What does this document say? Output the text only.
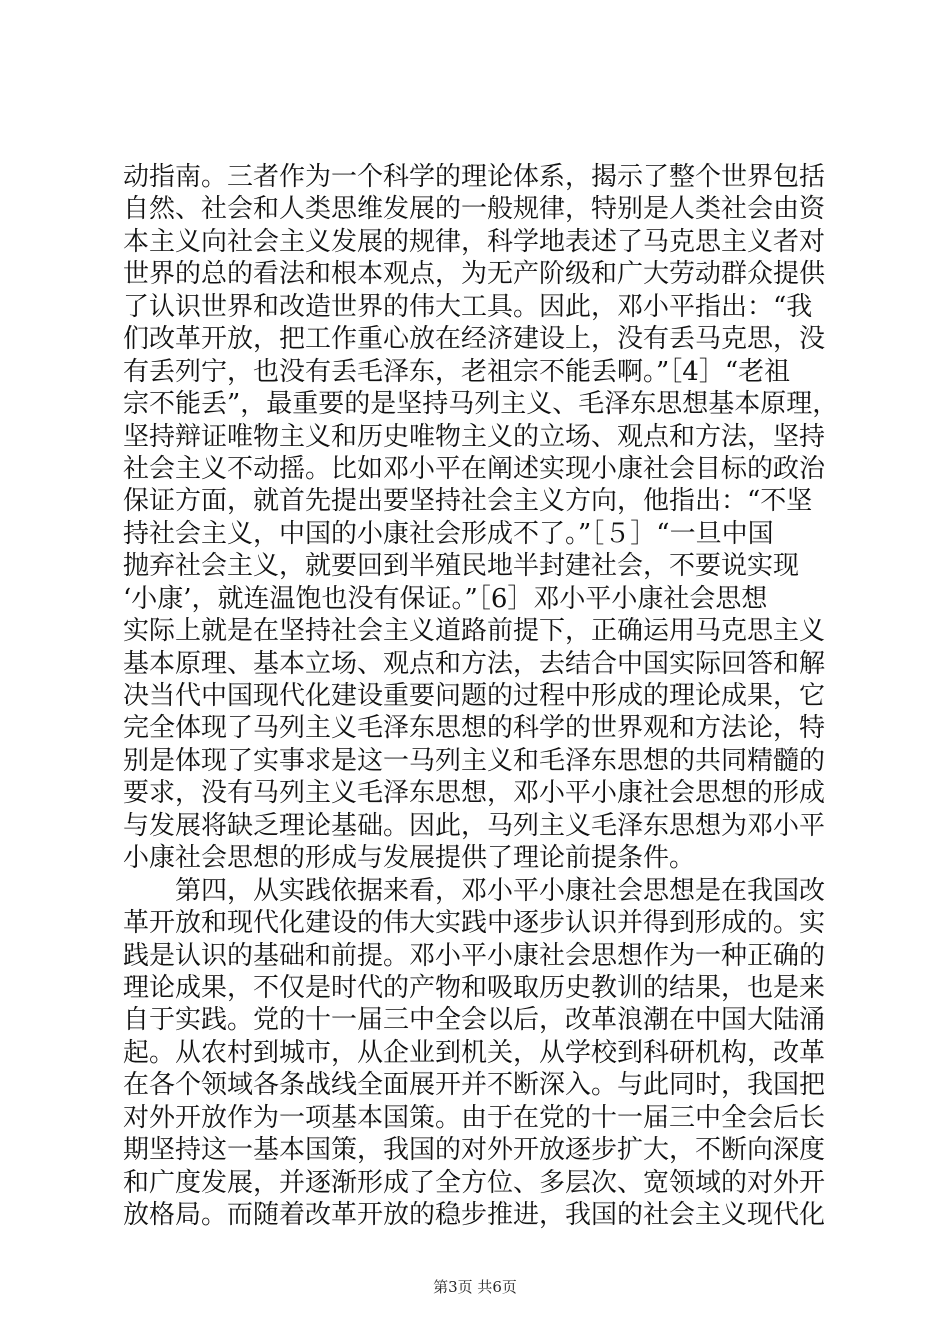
动指南。三者作为一个科学的理论体系，揭示了整个世界包括
自然、社会和人类思维发展的一般规律，特别是人类社会由资
本主义向社会主义发展的规律，科学地表述了马克思主义者对
世界的总的看法和根本观点，为无产阶级和广大劳动群众提供
了认识世界和改造世界的伟大工具。因此，邓小平指出：“我
们改革开放，把工作重心放在经济建设上，没有丢马克思，没
有丢列宁，也没有丢毛泽东，老祖宗不能丢啊。”［4］“老祖
宗不能丢”，最重要的是坚持马列主义、毛泽东思想基本原理，
坚持辩证唯物主义和历史唯物主义的立场、观点和方法，坚持
社会主义不动摇。比如邓小平在阐述实现小康社会目标的政治
保证方面，就首先提出要坚持社会主义方向，他指出：“不坚
持社会主义，中国的小康社会形成不了。”［５］“一旦中国
抛弃社会主义，就要回到半殖民地半封建社会，不要说实现
‘小康’，就连温饱也没有保证。”［6］邓小平小康社会思想
实际上就是在坚持社会主义道路前提下，正确运用马克思主义
基本原理、基本立场、观点和方法，去结合中国实际回答和解
决当代中国现代化建设重要问题的过程中形成的理论成果，它
完全体现了马列主义毛泽东思想的科学的世界观和方法论，特
别是体现了实事求是这一马列主义和毛泽东思想的共同精髓的
要求，没有马列主义毛泽东思想，邓小平小康社会思想的形成
与发展将缺乏理论基础。因此，马列主义毛泽东思想为邓小平
小康社会思想的形成与发展提供了理论前提条件。
　　第四，从实践依据来看，邓小平小康社会思想是在我国改
革开放和现代化建设的伟大实践中逐步认识并得到形成的。实
践是认识的基础和前提。邓小平小康社会思想作为一种正确的
理论成果，不仅是时代的产物和吸取历史教训的结果，也是来
自于实践。党的十一届三中全会以后，改革浪潮在中国大陆涌
起。从农村到城市，从企业到机关，从学校到科研机构，改革
在各个领域各条战线全面展开并不断深入。与此同时，我国把
对外开放作为一项基本国策。由于在党的十一届三中全会后长
期坚持这一基本国策，我国的对外开放逐步扩大，不断向深度
和广度发展，并逐渐形成了全方位、多层次、宽领域的对外开
放格局。而随着改革开放的稳步推进，我国的社会主义现代化
第3页 共6页
